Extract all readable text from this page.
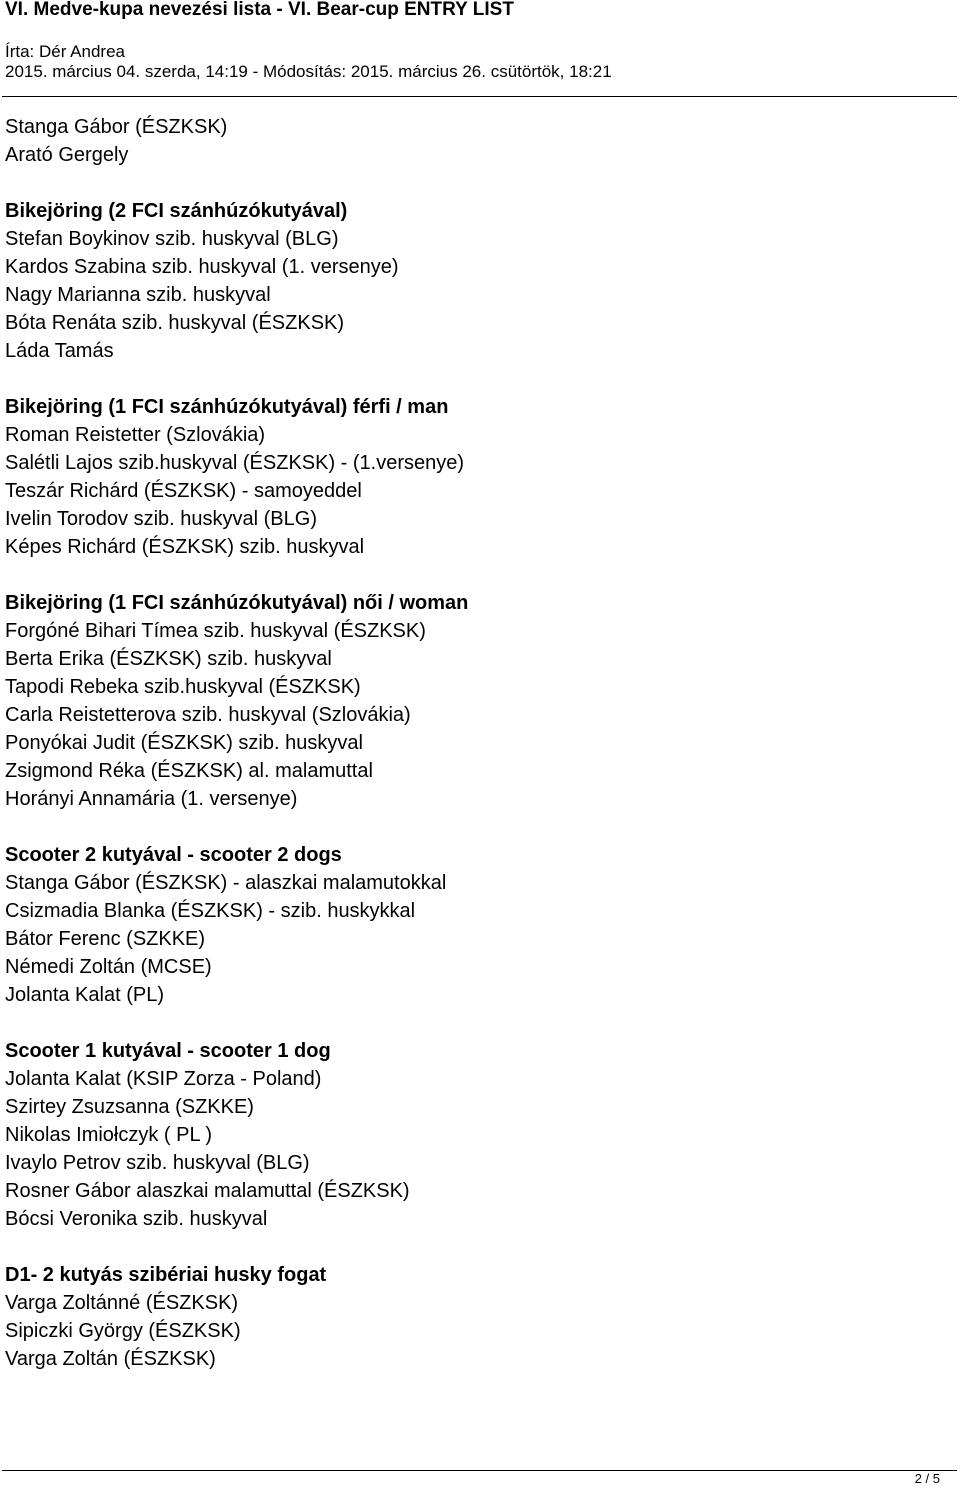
VI. Medve-kupa nevezési lista - VI. Bear-cup ENTRY LIST
Írta: Dér Andrea
2015. március 04. szerda, 14:19 - Módosítás: 2015. március 26. csütörtök, 18:21
Stanga Gábor (ÉSZKSK)
Arató Gergely
Bikejöring (2 FCI szánhúzókutyával)
Stefan Boykinov szib. huskyval (BLG)
Kardos Szabina szib. huskyval (1. versenye)
Nagy Marianna szib. huskyval
Bóta Renáta szib. huskyval (ÉSZKSK)
Láda Tamás
Bikejöring (1 FCI szánhúzókutyával) férfi / man
Roman Reistetter (Szlovákia)
Salétli Lajos szib.huskyval (ÉSZKSK) - (1.versenye)
Teszár Richárd (ÉSZKSK) - samoyeddel
Ivelin Torodov szib. huskyval (BLG)
Képes Richárd (ÉSZKSK) szib. huskyval
Bikejöring (1 FCI szánhúzókutyával) női / woman
Forgóné Bihari Tímea szib. huskyval (ÉSZKSK)
Berta Erika (ÉSZKSK) szib. huskyval
Tapodi Rebeka szib.huskyval (ÉSZKSK)
Carla Reistetterova szib. huskyval (Szlovákia)
Ponyókai Judit (ÉSZKSK) szib. huskyval
Zsigmond Réka (ÉSZKSK) al. malamuttal
Horányi Annamária (1. versenye)
Scooter 2 kutyával - scooter 2 dogs
Stanga Gábor (ÉSZKSK) - alaszkai malamutokkal
Csizmadia Blanka (ÉSZKSK) - szib. huskykkal
Bátor Ferenc (SZKKE)
Némedi Zoltán (MCSE)
Jolanta Kalat (PL)
Scooter 1 kutyával - scooter 1 dog
Jolanta Kalat (KSIP Zorza - Poland)
Szirtey Zsuzsanna (SZKKE)
Nikolas Imiołczyk ( PL )
Ivaylo Petrov szib. huskyval (BLG)
Rosner Gábor alaszkai malamuttal (ÉSZKSK)
Bócsi Veronika szib. huskyval
D1- 2 kutyás szibériai husky fogat
Varga Zoltánné (ÉSZKSK)
Sipiczki György (ÉSZKSK)
Varga Zoltán (ÉSZKSK)
2 / 5
